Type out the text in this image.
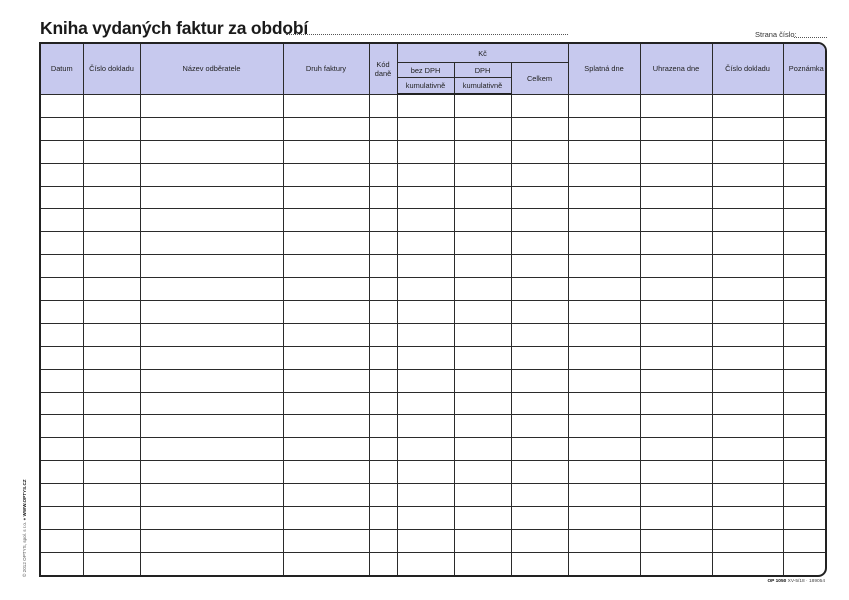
Kniha vydaných faktur za období	Strana číslo:
© 2012 OPTYS, spol. s r.o. ● WWW.OPTYS.CZ
OP 1050 XV-5/18 · 189054
Datum	Číslo dokladu	Název odběratele	Druh faktury	Kód daně	Kč			Splatná dne	Uhrazena dne	Číslo dokladu	Poznámka
					bez DPH	DPH	Celkem				
					kumulativně	kumulativně					
